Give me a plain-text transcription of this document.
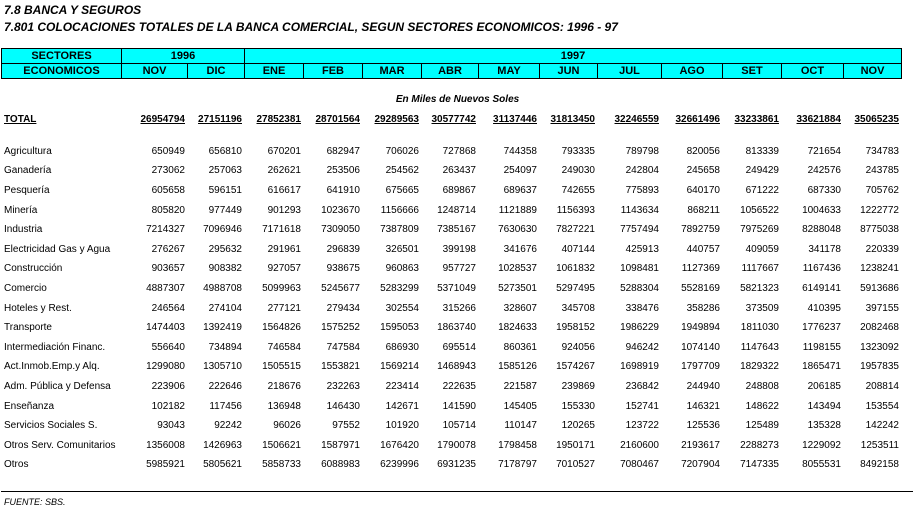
7.8 BANCA Y SEGUROS
7.801 COLOCACIONES TOTALES DE LA BANCA COMERCIAL, SEGUN SECTORES ECONOMICOS: 1996 - 97
SECTORES	1996		1997										
ECONOMICOS	NOV	DIC	ENE	FEB	MAR	ABR	MAY	JUN	JUL	AGO	SET	OCT	NOV
En Miles de Nuevos Soles
TOTAL	26954794	27151196	27852381	28701564	29289563	30577742	31137446	31813450	32246559	32661496	33233861	33621884	35065235

Agricultura	650949	656810	670201	682947	706026	727868	744358	793335	789798	820056	813339	721654	734783
Ganadería	273062	257063	262621	253506	254562	263437	254097	249030	242804	245658	249429	242576	243785
Pesquería	605658	596151	616617	641910	675665	689867	689637	742655	775893	640170	671222	687330	705762
Minería	805820	977449	901293	1023670	1156666	1248714	1121889	1156393	1143634	868211	1056522	1004633	1222772
Industria	7214327	7096946	7171618	7309050	7387809	7385167	7630630	7827221	7757494	7892759	7975269	8288048	8775038
Electricidad Gas y Agua	276267	295632	291961	296839	326501	399198	341676	407144	425913	440757	409059	341178	220339
Construcción	903657	908382	927057	938675	960863	957727	1028537	1061832	1098481	1127369	1117667	1167436	1238241
Comercio	4887307	4988708	5099963	5245677	5283299	5371049	5273501	5297495	5288304	5528169	5821323	6149141	5913686
Hoteles y Rest.	246564	274104	277121	279434	302554	315266	328607	345708	338476	358286	373509	410395	397155
Transporte	1474403	1392419	1564826	1575252	1595053	1863740	1824633	1958152	1986229	1949894	1811030	1776237	2082468
Intermediación Financ.	556640	734894	746584	747584	686930	695514	860361	924056	946242	1074140	1147643	1198155	1323092
Act.Inmob.Emp.y Alq.	1299080	1305710	1505515	1553821	1569214	1468943	1585126	1574267	1698919	1797709	1829322	1865471	1957835
Adm. Pública y Defensa	223906	222646	218676	232263	223414	222635	221587	239869	236842	244940	248808	206185	208814
Enseñanza	102182	117456	136948	146430	142671	141590	145405	155330	152741	146321	148622	143494	153554
Servicios Sociales S.	93043	92242	96026	97552	101920	105714	110147	120265	123722	125536	125489	135328	142242
Otros Serv. Comunitarios	1356008	1426963	1506621	1587971	1676420	1790078	1798458	1950171	2160600	2193617	2288273	1229092	1253511
Otros	5985921	5805621	5858733	6088983	6239996	6931235	7178797	7010527	7080467	7207904	7147335	8055531	8492158
FUENTE: SBS.
